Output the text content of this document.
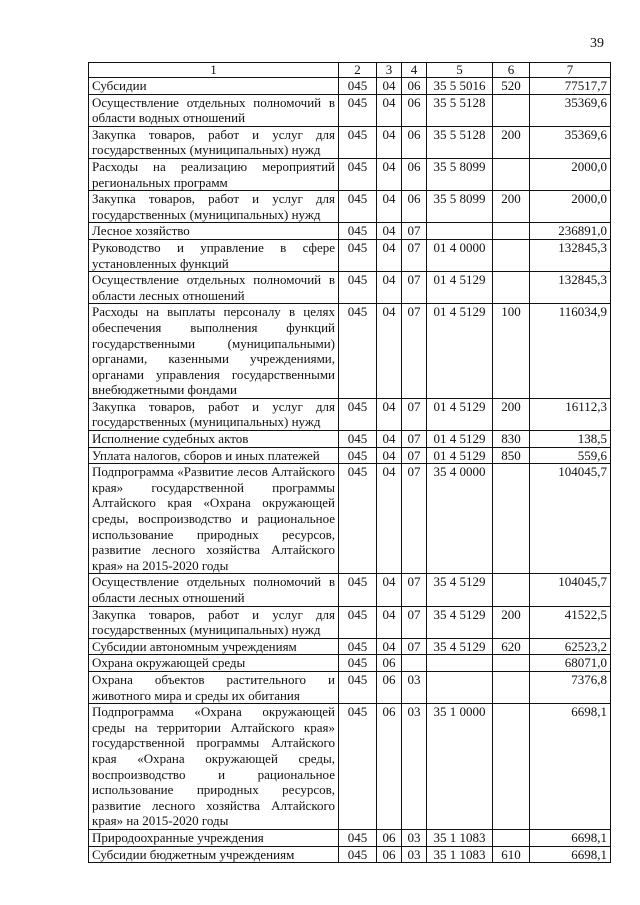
39
1	2	3	4	5	6	7
Субсидии	045	04	06	35 5 5016	520	77517,7
Осуществление отдельных полномочий в области водных отношений	045	04	06	35 5 5128		35369,6
Закупка товаров, работ и услуг для государственных (муниципальных) нужд	045	04	06	35 5 5128	200	35369,6
Расходы на реализацию мероприятий региональных программ	045	04	06	35 5 8099		2000,0
Закупка товаров, работ и услуг для государственных (муниципальных) нужд	045	04	06	35 5 8099	200	2000,0
Лесное хозяйство	045	04	07			236891,0
Руководство и управление в сфере установленных функций	045	04	07	01 4 0000		132845,3
Осуществление отдельных полномочий в области лесных отношений	045	04	07	01 4 5129		132845,3
Расходы на выплаты персоналу в целях обеспечения выполнения функций государственными (муниципальными) органами, казенными учреждениями, органами управления государственными внебюджетными фондами	045	04	07	01 4 5129	100	116034,9
Закупка товаров, работ и услуг для государственных (муниципальных) нужд	045	04	07	01 4 5129	200	16112,3
Исполнение судебных актов	045	04	07	01 4 5129	830	138,5
Уплата налогов, сборов и иных платежей	045	04	07	01 4 5129	850	559,6
Подпрограмма «Развитие лесов Алтайского края» государственной программы Алтайского края «Охрана окружающей среды, воспроизводство и рациональное использование природных ресурсов, развитие лесного хозяйства Алтайского края» на 2015-2020 годы	045	04	07	35 4 0000		104045,7
Осуществление отдельных полномочий в области лесных отношений	045	04	07	35 4 5129		104045,7
Закупка товаров, работ и услуг для государственных (муниципальных) нужд	045	04	07	35 4 5129	200	41522,5
Субсидии автономным учреждениям	045	04	07	35 4 5129	620	62523,2
Охрана окружающей среды	045	06				68071,0
Охрана объектов растительного и животного мира и среды их обитания	045	06	03			7376,8
Подпрограмма «Охрана окружающей среды на территории Алтайского края» государственной программы Алтайского края «Охрана окружающей среды, воспроизводство и рациональное использование природных ресурсов, развитие лесного хозяйства Алтайского края» на 2015-2020 годы	045	06	03	35 1 0000		6698,1
Природоохранные учреждения	045	06	03	35 1 1083		6698,1
Субсидии бюджетным учреждениям	045	06	03	35 1 1083	610	6698,1
